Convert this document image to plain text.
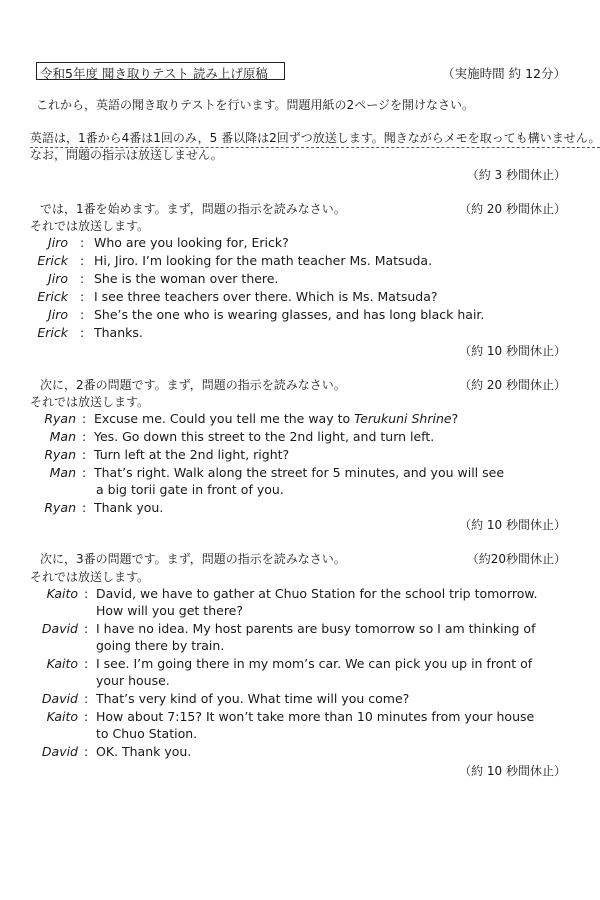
令和5年度 聞き取りテスト 読み上げ原稿	（実施時間 約 12分）
これから，英語の聞き取りテストを行います。問題用紙の2ページを開けなさい。
英語は，1番から4番は1回のみ，5 番以降は2回ずつ放送します。聞きながらメモを取っても構いません。
なお，問題の指示は放送しません。
（約 3 秒間休止）
では，1番を始めます。まず，問題の指示を読みなさい。	（約 20 秒間休止）
それでは放送します。
Jiro : Who are you looking for, Erick?
Erick : Hi, Jiro. I’m looking for the math teacher Ms. Matsuda.
Jiro : She is the woman over there.
Erick : I see three teachers over there. Which is Ms. Matsuda?
Jiro : She’s the one who is wearing glasses, and has long black hair.
Erick : Thanks.
（約 10 秒間休止）
次に，2番の問題です。まず，問題の指示を読みなさい。	（約 20 秒間休止）
それでは放送します。
Ryan : Excuse me. Could you tell me the way to Terukuni Shrine?
Man : Yes. Go down this street to the 2nd light, and turn left.
Ryan : Turn left at the 2nd light, right?
Man : That’s right. Walk along the street for 5 minutes, and you will see
a big torii gate in front of you.
Ryan : Thank you.
（約 10 秒間休止）
次に，3番の問題です。まず，問題の指示を読みなさい。	（約20秒間休止）
それでは放送します。
Kaito : David, we have to gather at Chuo Station for the school trip tomorrow.
How will you get there?
David : I have no idea. My host parents are busy tomorrow so I am thinking of
going there by train.
Kaito : I see. I’m going there in my mom’s car. We can pick you up in front of
your house.
David : That’s very kind of you. What time will you come?
Kaito : How about 7:15? It won’t take more than 10 minutes from your house
to Chuo Station.
David : OK. Thank you.
（約 10 秒間休止）
